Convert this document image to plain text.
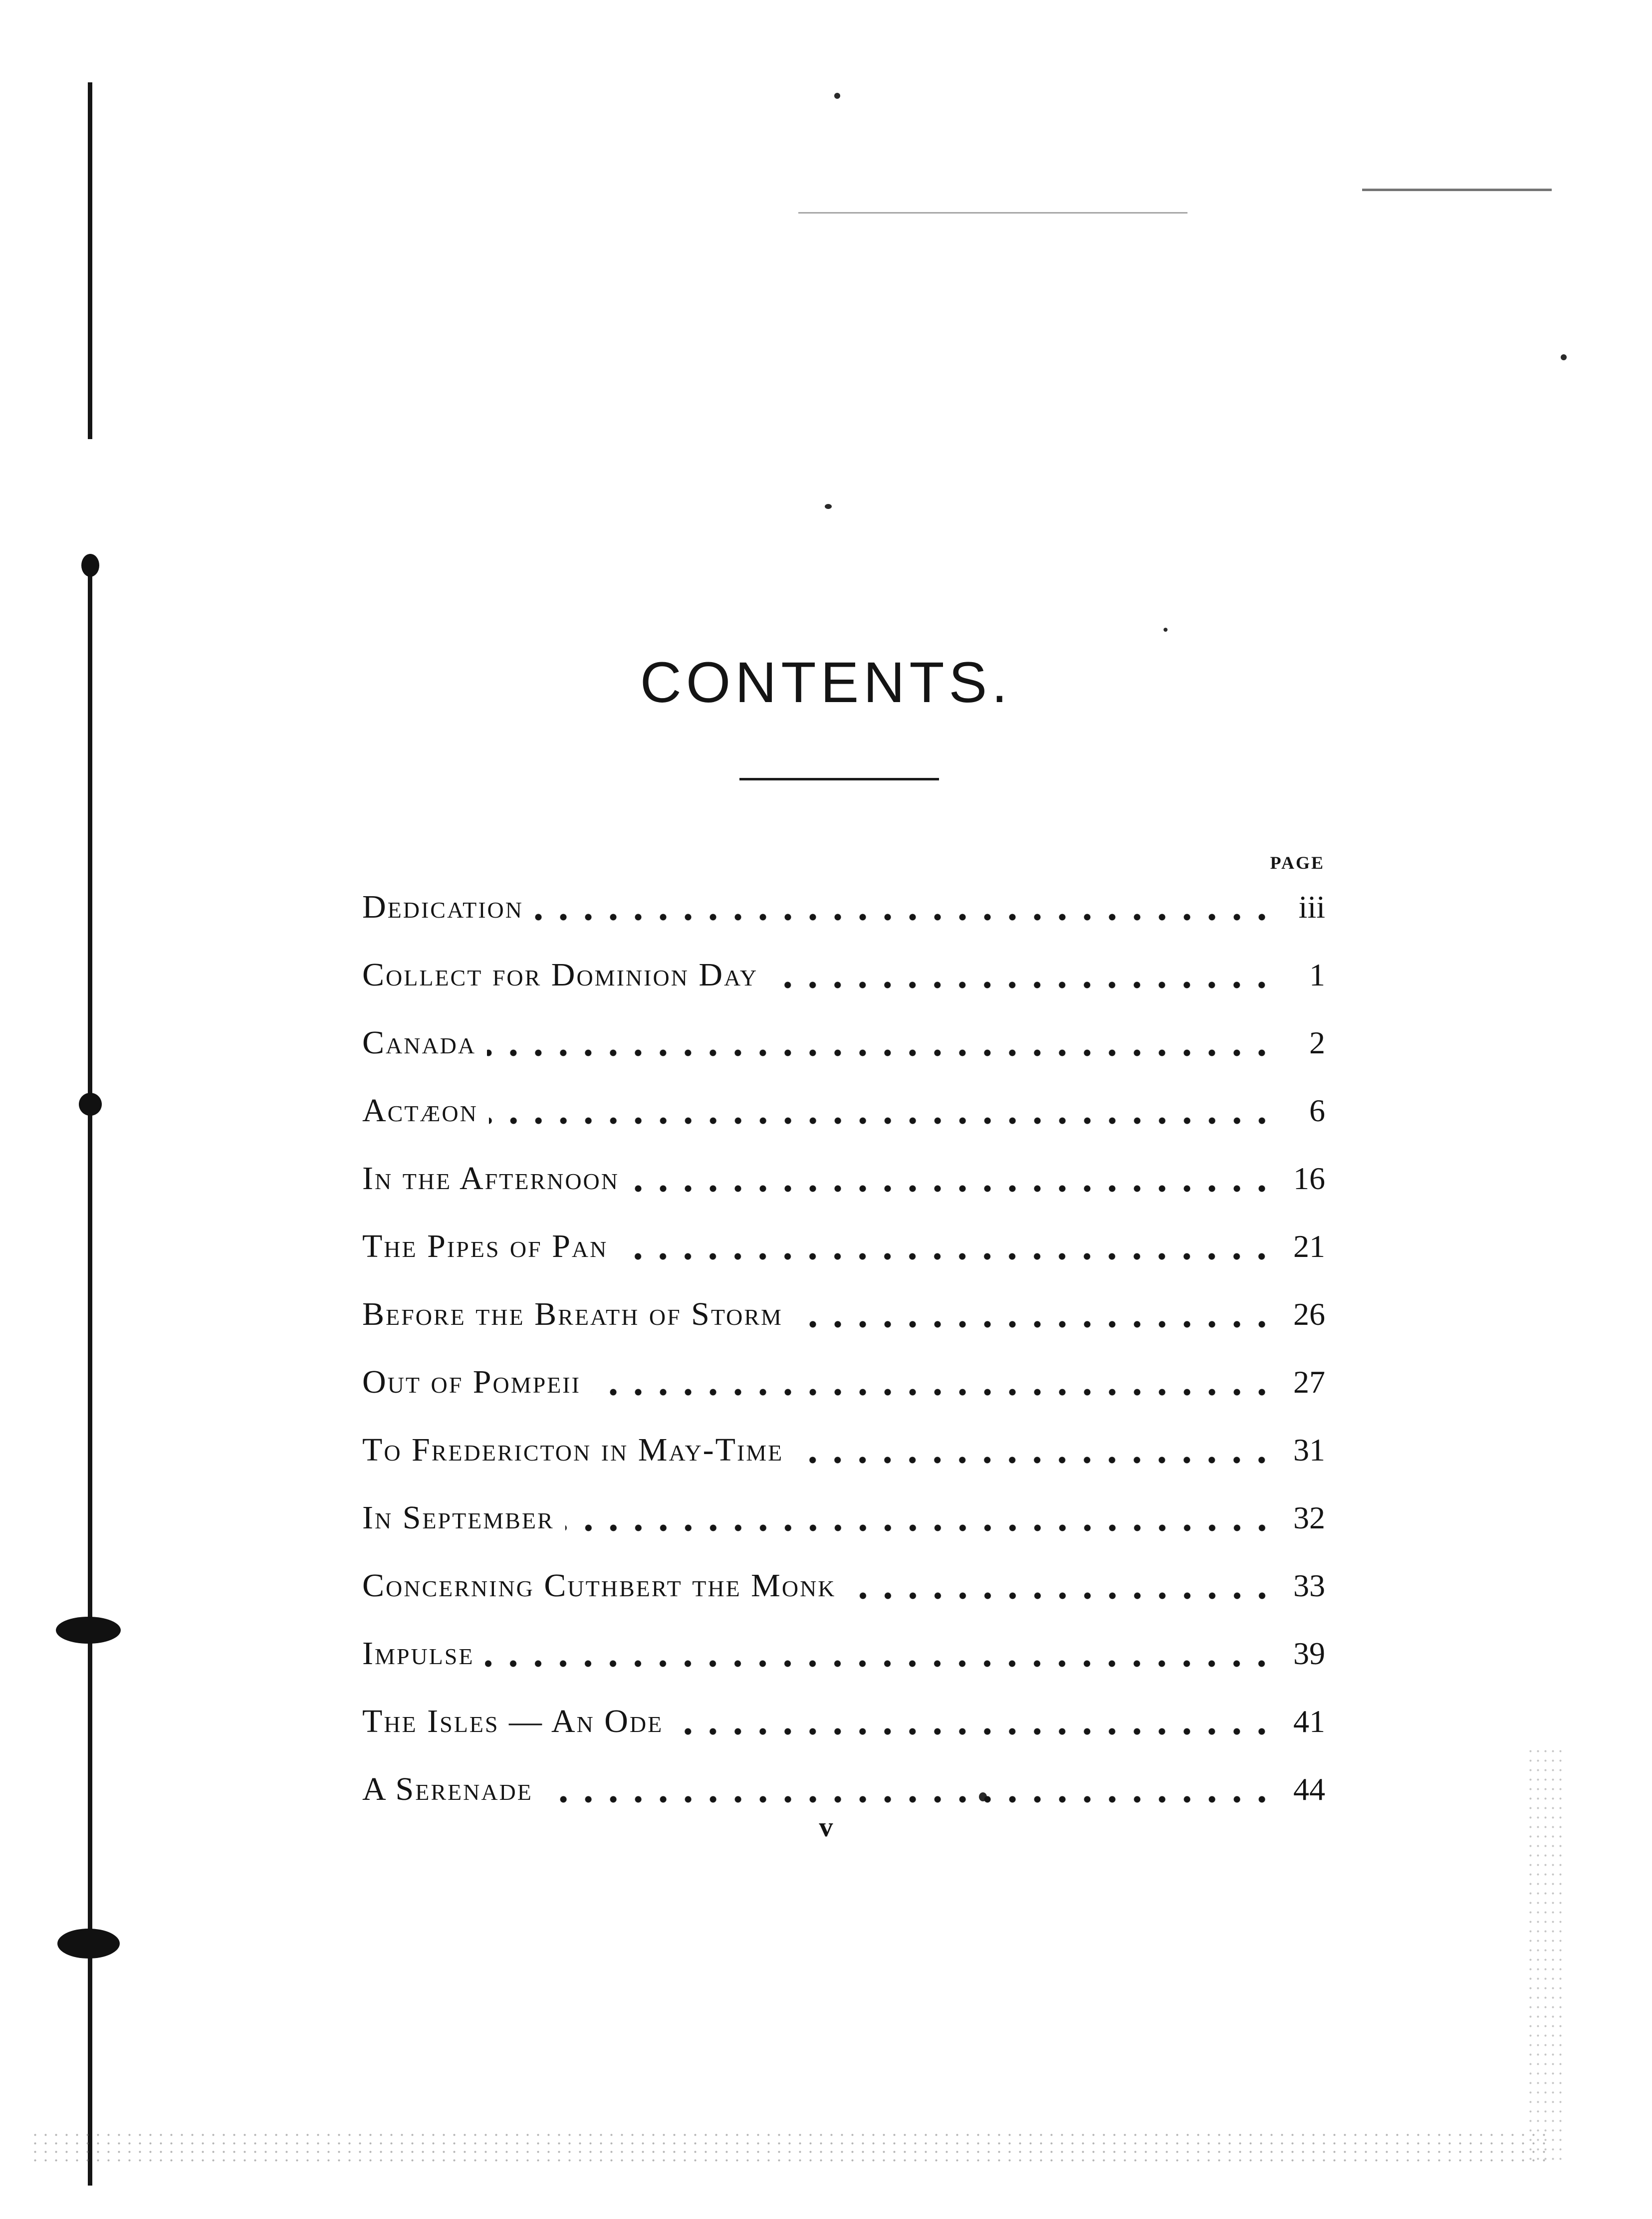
CONTENTS.
PAGE
Dedication	iii
Collect for Dominion Day	1
Canada	2
Actæon	6
In the Afternoon	16
The Pipes of Pan	21
Before the Breath of Storm	26
Out of Pompeii	27
To Fredericton in May-Time	31
In September	32
Concerning Cuthbert the Monk	33
Impulse	39
The Isles — An Ode	41
A Serenade	44
v
